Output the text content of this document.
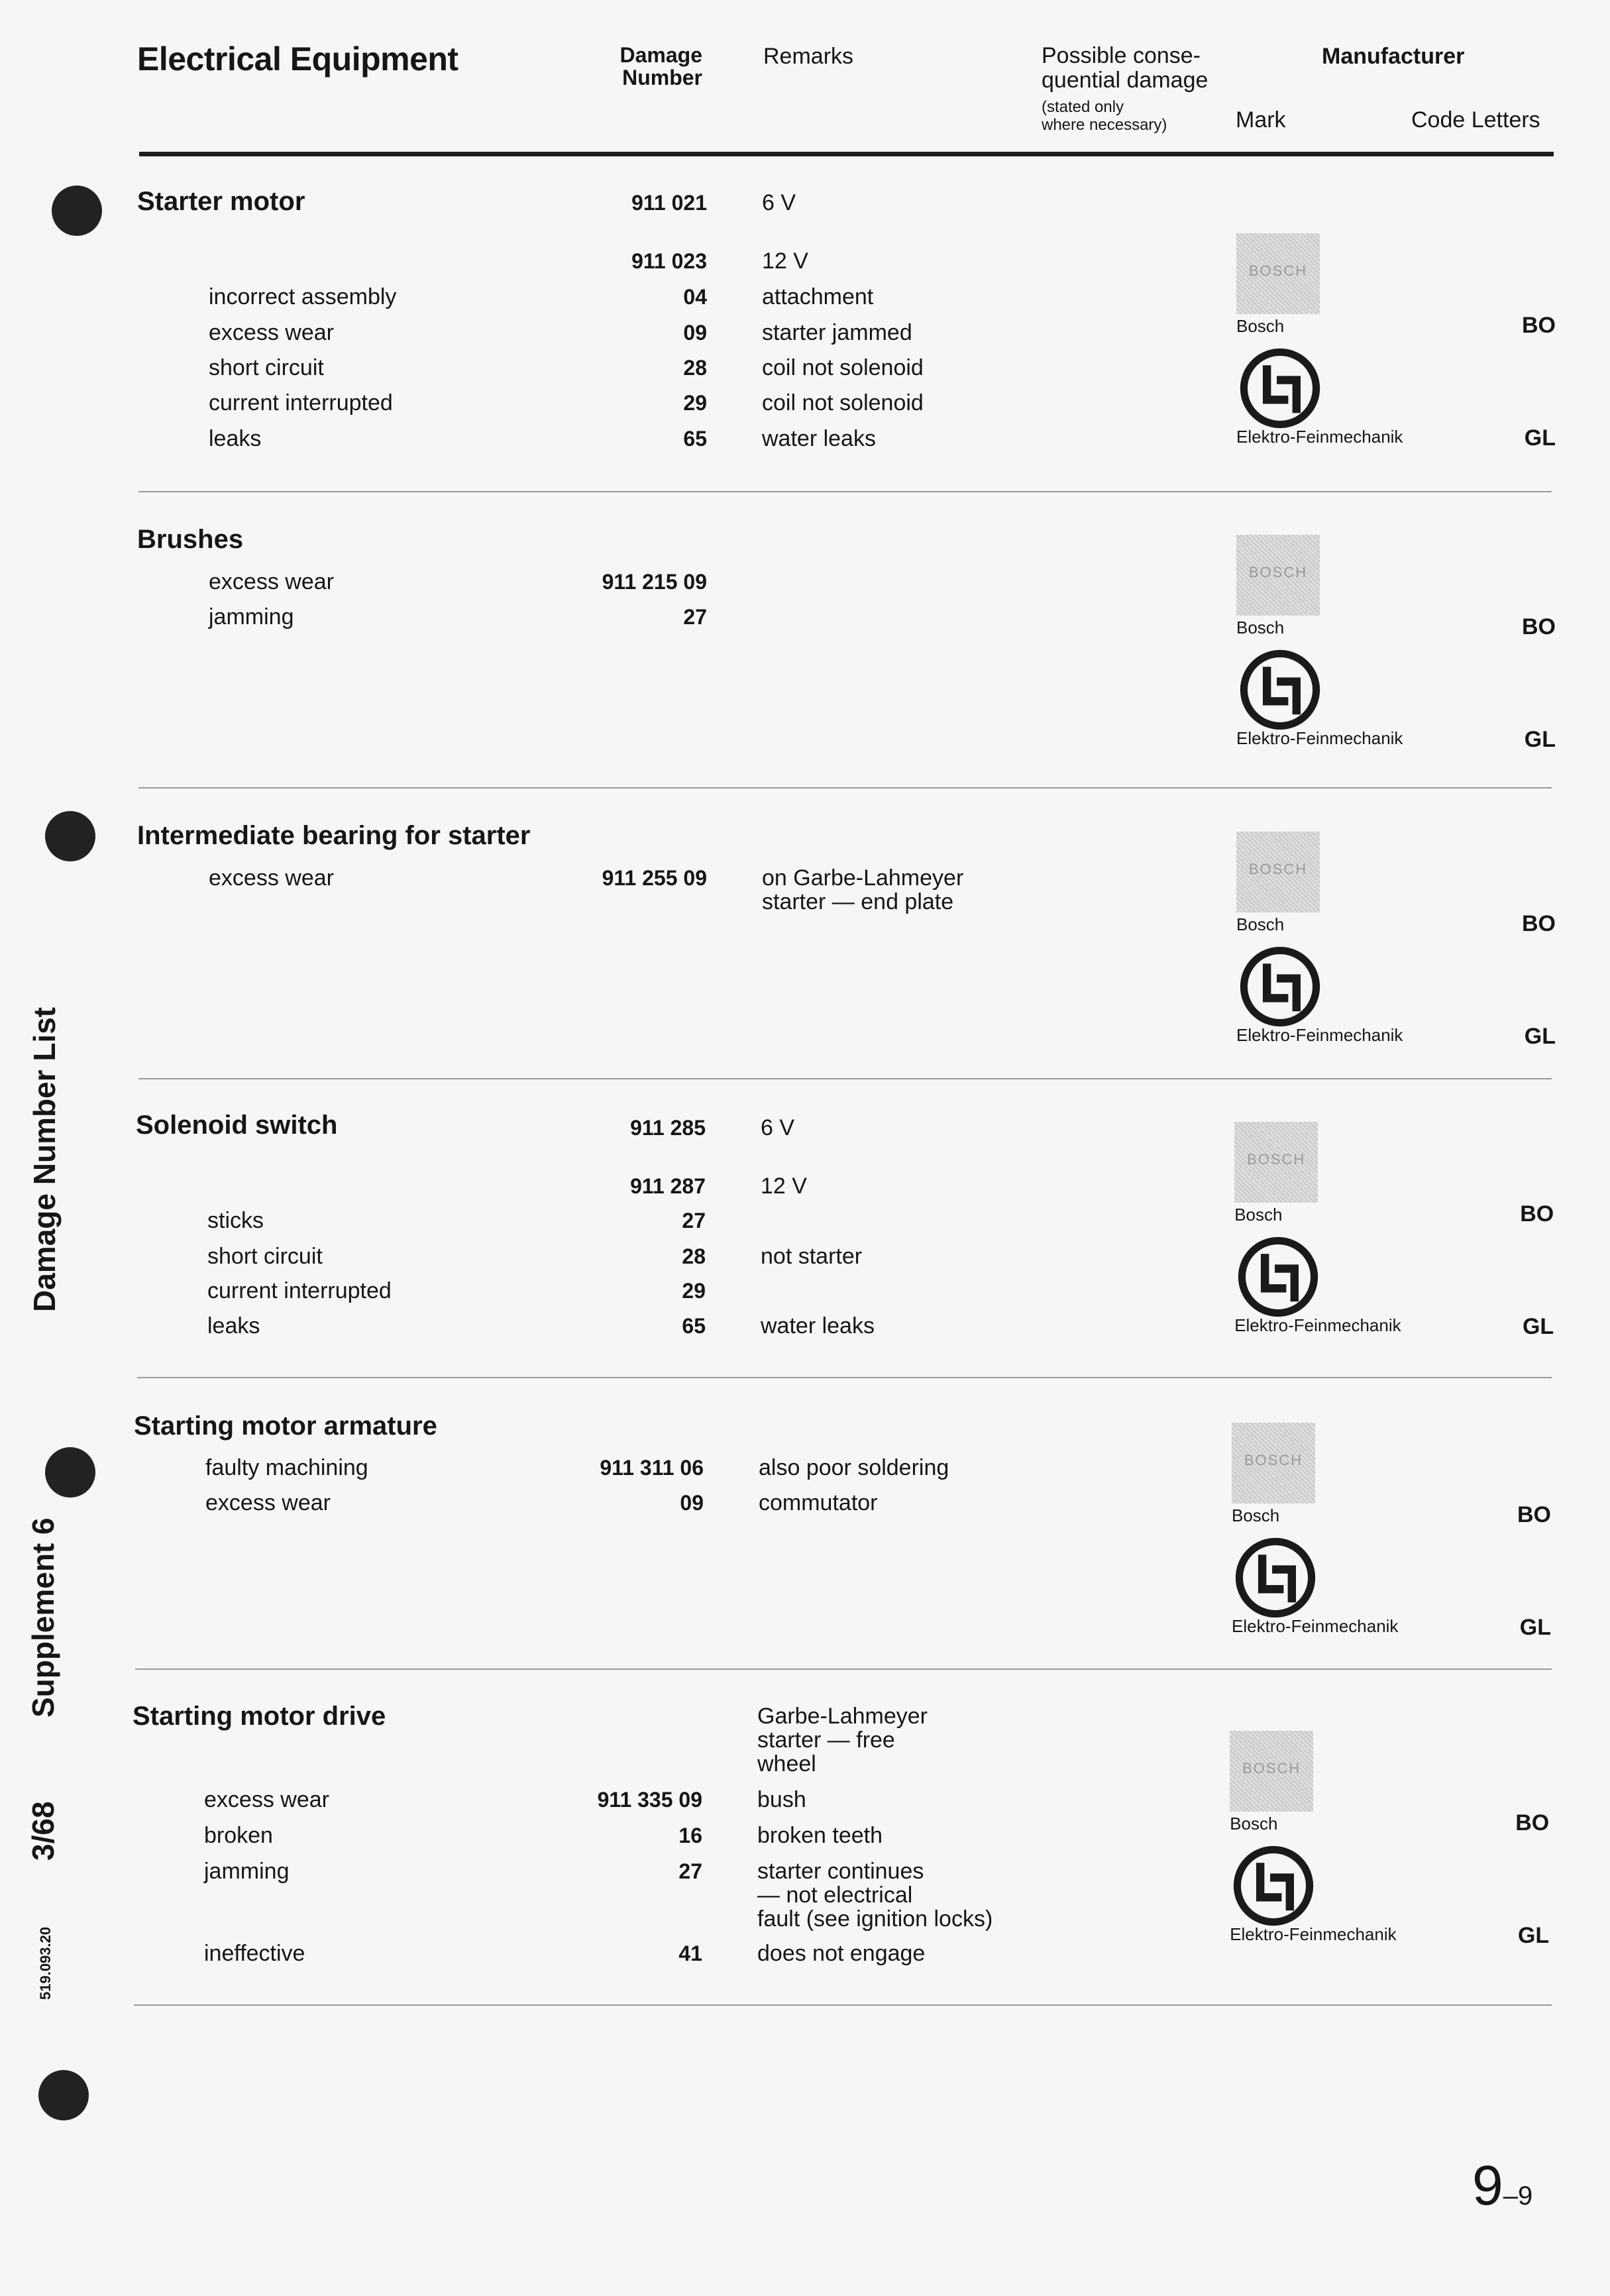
Electrical Equipment	Damage
Number
Remarks	Possible conse-
quential damage
(stated only
where necessary)
Manufacturer
Mark	Code Letters
Starter motor	911 021 6 V
911 023 12 V
incorrect assembly	04 attachment
excess wear	09 starter jammed
short circuit	28 coil not solenoid
current interrupted	29 coil not solenoid
leaks	65 water leaks
BOSCH
Bosch	BO
Elektro-Feinmechanik	GL
Brushes
excess wear	911 215 09
jamming	27
BOSCH
Bosch	BO
Elektro-Feinmechanik	GL
Intermediate bearing for starter
excess wear	911 255 09 on Garbe-Lahmeyer
starter — end plate
BOSCH
Bosch	BO
Elektro-Feinmechanik	GL
Solenoid switch	911 285 6 V
911 287 12 V
sticks	27
short circuit	28 not starter
current interrupted	29
leaks	65 water leaks
BOSCH
Bosch	BO
Elektro-Feinmechanik	GL
Starting motor armature
faulty machining	911 311 06 also poor soldering
excess wear	09 commutator
BOSCH
Bosch	BO
Elektro-Feinmechanik	GL
Starting motor drive	Garbe-Lahmeyer
starter — free
wheel
excess wear	911 335 09 bush
broken	16 broken teeth
jamming	27 starter continues
— not electrical
fault (see ignition locks)
ineffective	41 does not engage
BOSCH
Bosch	BO
Elektro-Feinmechanik	GL
Damage Number List
Supplement 6
3/68
519.093.20
9–9
